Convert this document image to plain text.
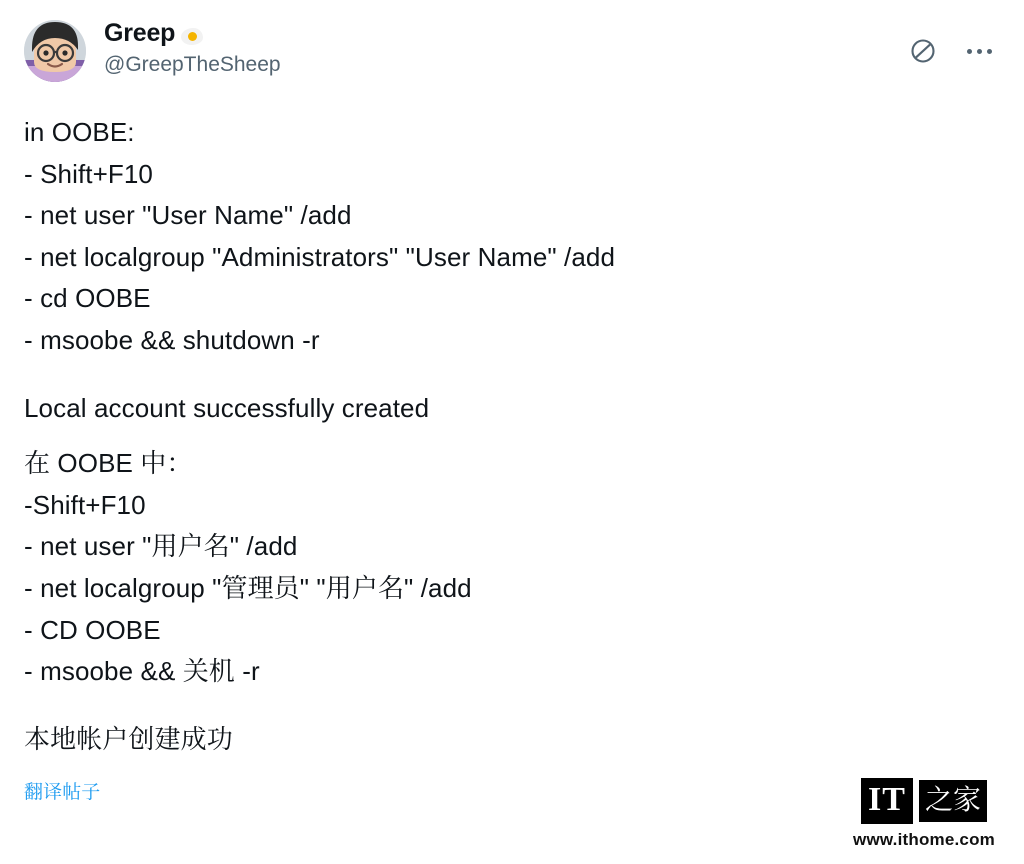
Greep
@GreepTheSheep
in OOBE:
- Shift+F10
- net user "User Name" /add
- net localgroup "Administrators" "User Name" /add
- cd OOBE
- msoobe && shutdown -r
Local account successfully created
在 OOBE 中：
-Shift+F10
- net user "用户名" /add
- net localgroup "管理员" "用户名" /add
- CD OOBE
- msoobe && 关机 -r
本地帐户创建成功
翻译帖子	IT 之家
www.ithome.com
